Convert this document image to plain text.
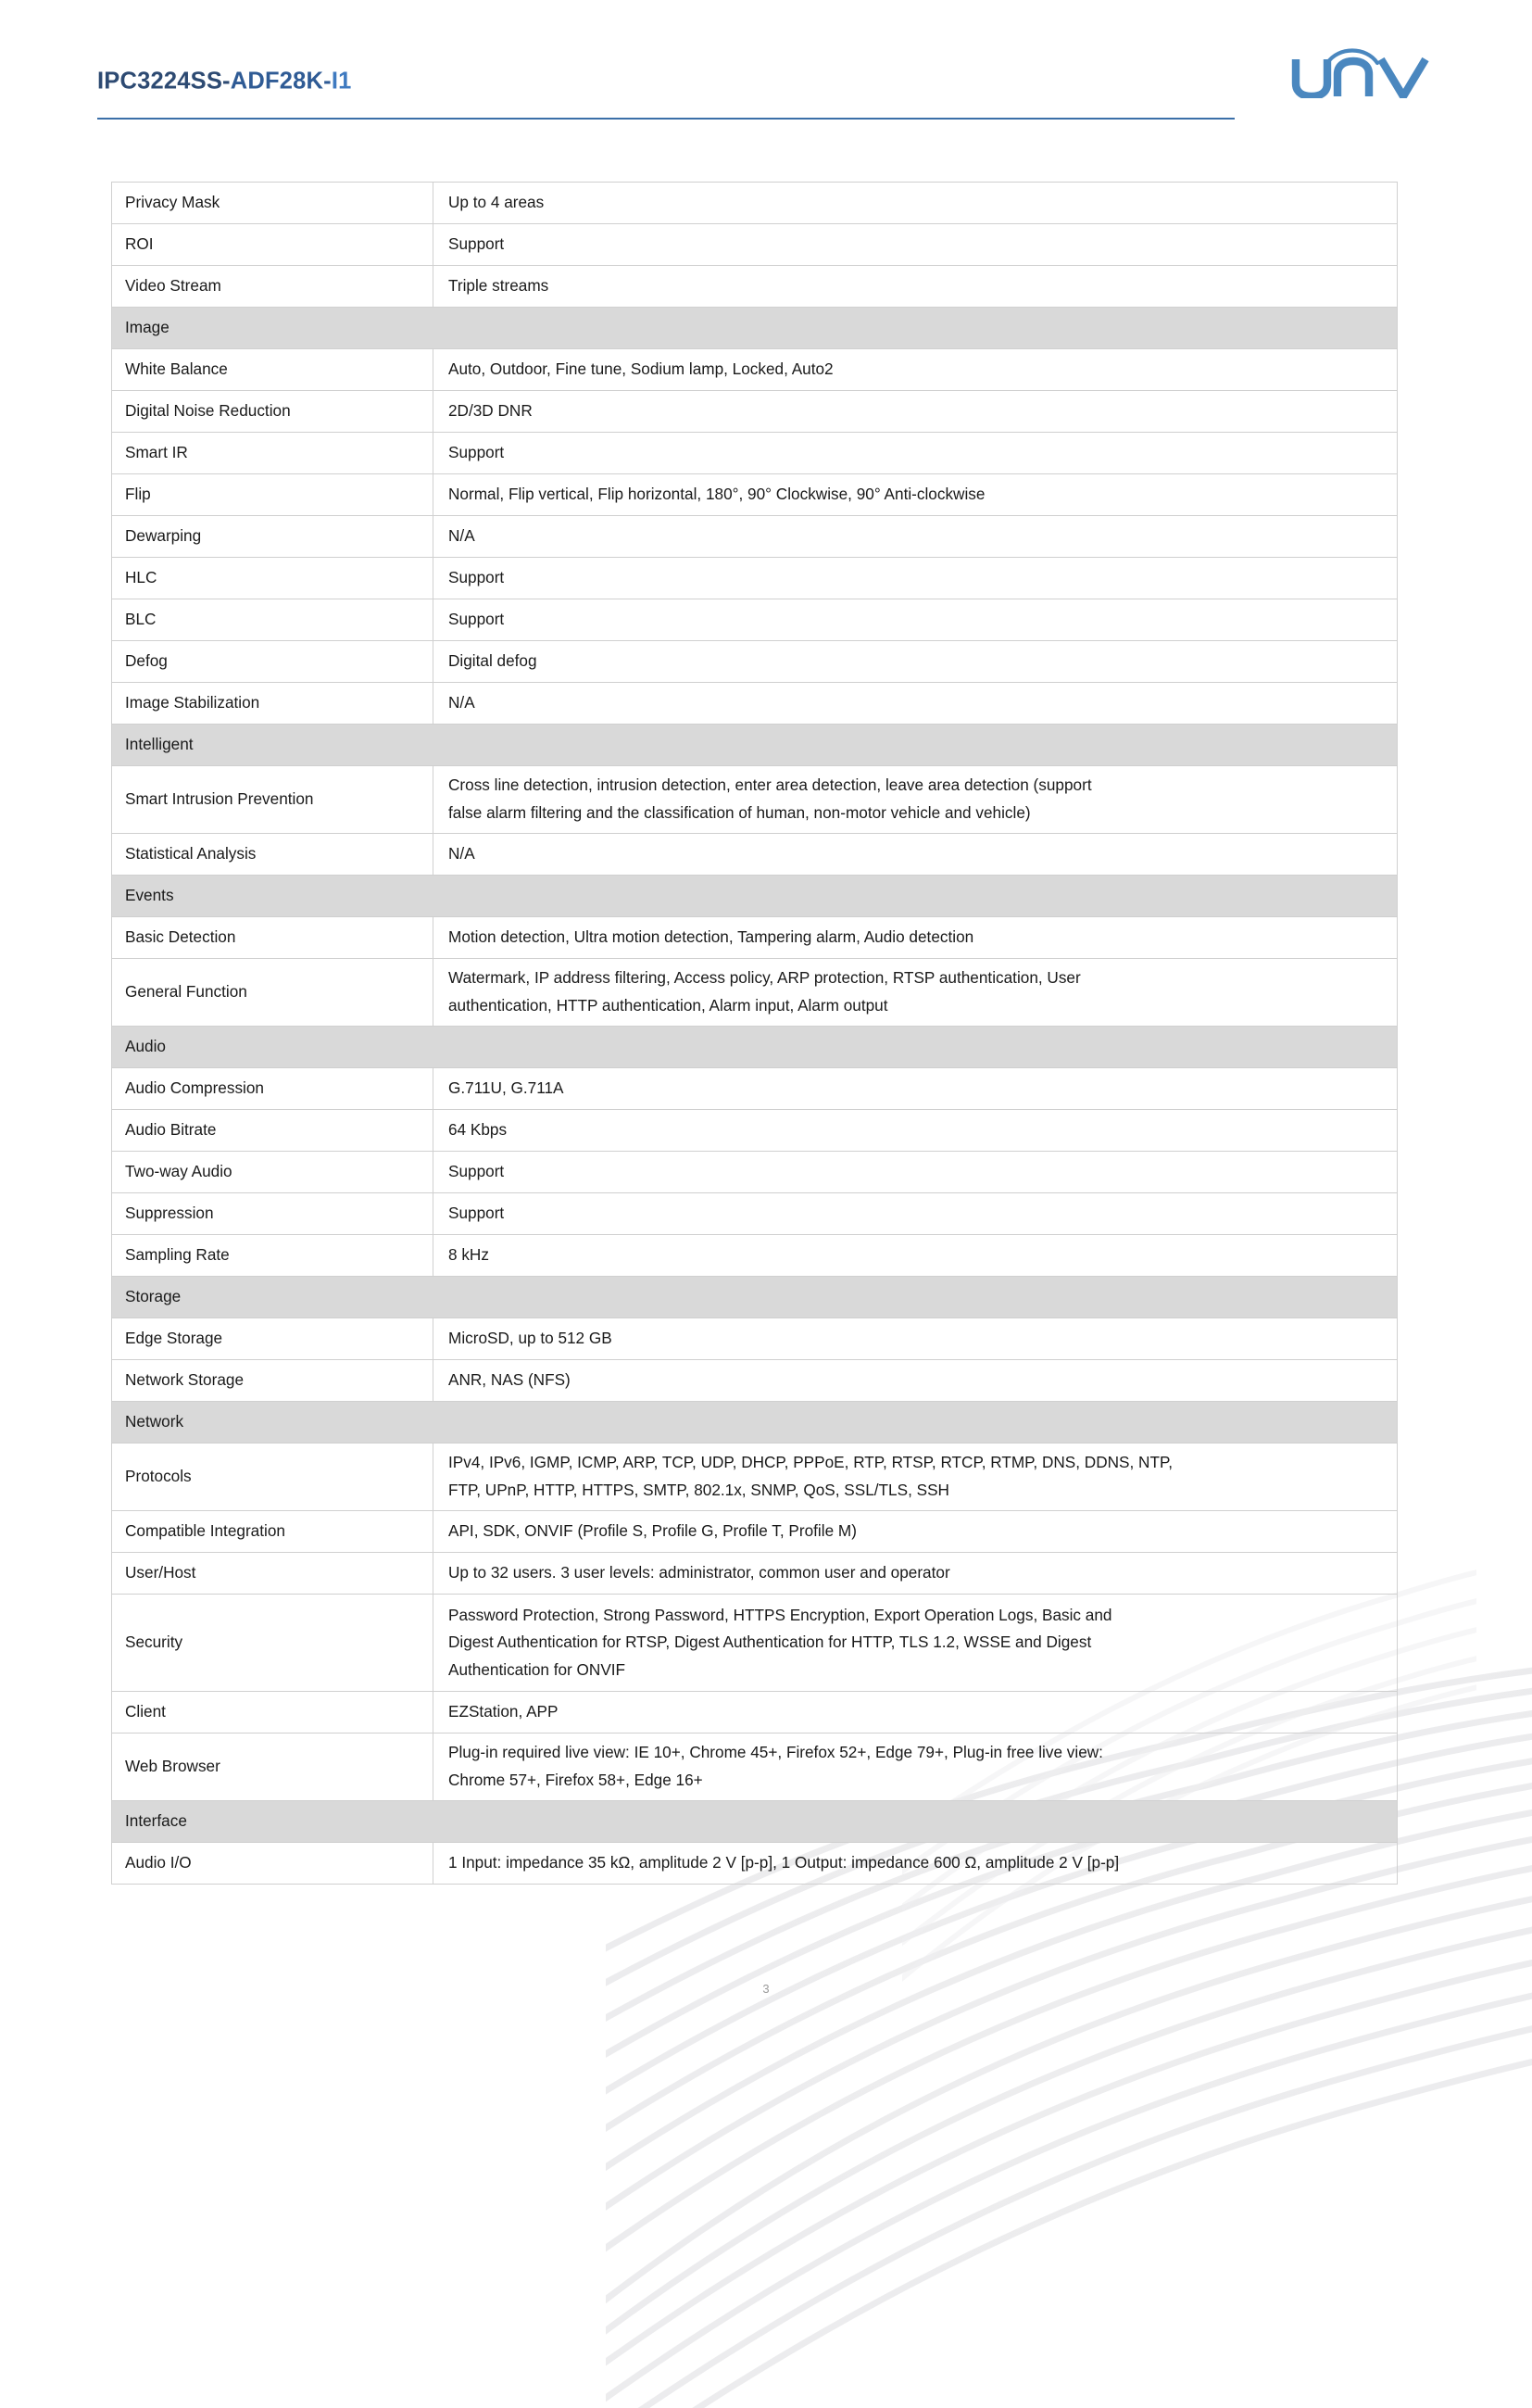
IPC3224SS-ADF28K-I1
Privacy Mask	Up to 4 areas

ROI	Support

Video Stream	Triple streams

Image	
White Balance	Auto, Outdoor, Fine tune, Sodium lamp, Locked, Auto2

Digital Noise Reduction	2D/3D DNR

Smart IR	Support

Flip	Normal, Flip vertical, Flip horizontal, 180°, 90° Clockwise, 90° Anti-clockwise

Dewarping	N/A

HLC	Support

BLC	Support

Defog	Digital defog

Image Stabilization	N/A

Intelligent	
Smart Intrusion Prevention	Cross line detection, intrusion detection, enter area detection, leave area detection (support
false alarm filtering and the classification of human, non-motor vehicle and vehicle)

Statistical Analysis	N/A

Events	
Basic Detection	Motion detection, Ultra motion detection, Tampering alarm, Audio detection

General Function	Watermark, IP address filtering, Access policy, ARP protection, RTSP authentication, User
authentication, HTTP authentication, Alarm input, Alarm output

Audio	
Audio Compression	G.711U, G.711A

Audio Bitrate	64 Kbps

Two-way Audio	Support

Suppression	Support

Sampling Rate	8 kHz

Storage	
Edge Storage	MicroSD, up to 512 GB

Network Storage	ANR, NAS (NFS)

Network	
Protocols	IPv4, IPv6, IGMP, ICMP, ARP, TCP, UDP, DHCP, PPPoE, RTP, RTSP, RTCP, RTMP, DNS, DDNS, NTP,
FTP, UPnP, HTTP, HTTPS, SMTP, 802.1x, SNMP, QoS, SSL/TLS, SSH

Compatible Integration	API, SDK, ONVIF (Profile S, Profile G, Profile T, Profile M)

User/Host	Up to 32 users. 3 user levels: administrator, common user and operator

Security	Password Protection, Strong Password, HTTPS Encryption, Export Operation Logs, Basic and
Digest Authentication for RTSP, Digest Authentication for HTTP, TLS 1.2, WSSE and Digest
Authentication for ONVIF

Client	EZStation, APP

Web Browser	Plug-in required live view: IE 10+, Chrome 45+, Firefox 52+, Edge 79+, Plug-in free live view:
Chrome 57+, Firefox 58+, Edge 16+

Interface	
Audio I/O	1 Input: impedance 35 kΩ, amplitude 2 V [p-p], 1 Output: impedance 600 Ω, amplitude 2 V [p-p]
3
